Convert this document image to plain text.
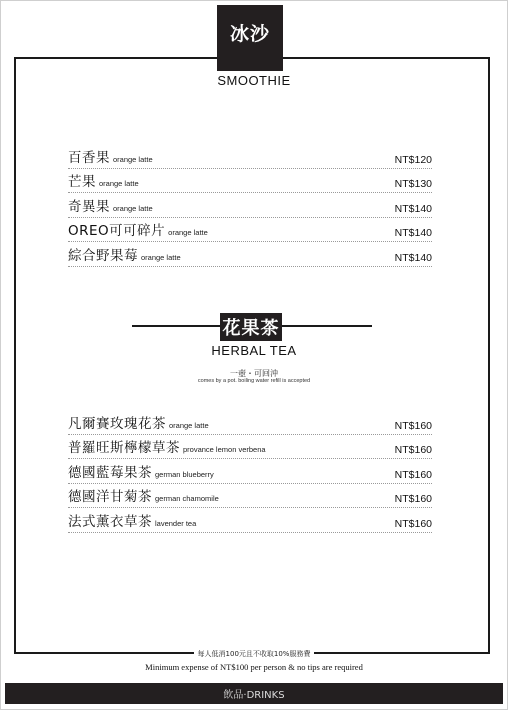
冰沙
SMOOTHIE
百香果 orange latte	NT$120
芒果 orange latte	NT$130
奇異果 orange latte	NT$140
OREO可可碎片 orange latte	NT$140
綜合野果莓 orange latte	NT$140
花果茶
HERBAL TEA
一壺・可回沖
comes by a pot. boiling water refill is accepted
凡爾賽玫瑰花茶 orange latte	NT$160
普羅旺斯檸檬草茶 provance lemon verbena	NT$160
德國藍莓果茶 german blueberry	NT$160
德國洋甘菊茶 german chamomile	NT$160
法式薰衣草茶 lavender tea	NT$160
每人低消100元且不收取10%服務費
Minimum expense of NT$100 per person & no tips are required
飲品·DRINKS
